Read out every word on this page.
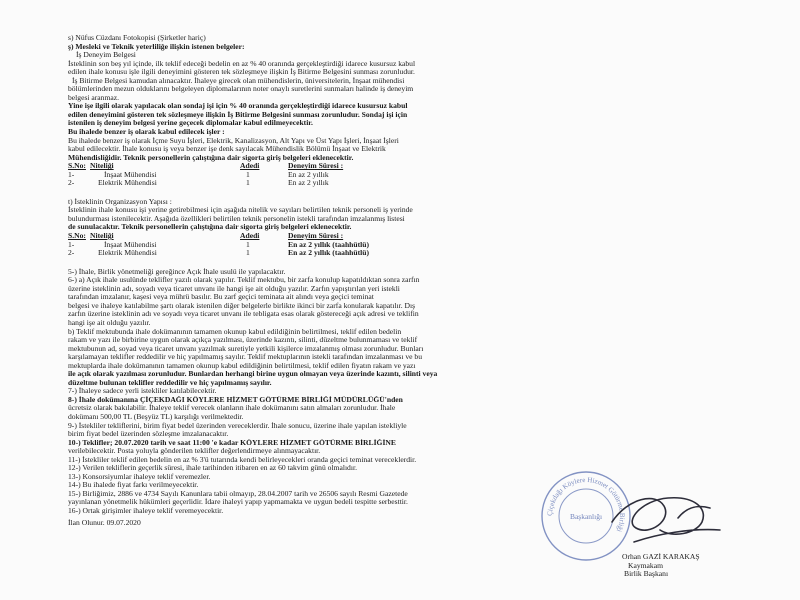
s) Nüfus Cüzdanı Fotokopisi (Şirketler hariç)
ş) Mesleki ve Teknik yeterliliğe ilişkin istenen belgeler:
İş Deneyim Belgesi
İsteklinin son beş yıl içinde, ilk teklif edeceği bedelin en az % 40 oranında gerçekleştirdiği idarece kusursuz kabul
edilen ihale konusu işle ilgili deneyimini gösteren tek sözleşmeye ilişkin İş Bitirme Belgesini sunması zorunludur.
İş Bitirme Belgesi kamudan alınacaktır. İhaleye girecek olan mühendislerin, üniversitelerin, İnşaat mühendisi
bölümlerinden mezun olduklarını belgeleyen diplomalarının noter onaylı suretlerini sunmaları halinde iş deneyim
belgesi aranmaz.
Yine işe ilgili olarak yapılacak olan sondaj işi için % 40 oranında gerçekleştirdiği idarece kusursuz kabul
edilen deneyimini gösteren tek sözleşmeye ilişkin İş Bitirme Belgesini sunması zorunludur. Sondaj işi için
istenilen iş deneyim belgesi yerine geçecek diplomalar kabul edilmeyecektir.
Bu ihalede benzer iş olarak kabul edilecek işler :
Bu ihalede benzer iş olarak İçme Suyu İşleri, Elektrik, Kanalizasyon, Alt Yapı ve Üst Yapı İşleri, İnşaat İşleri
kabul edilecektir. İhale konusu iş veya benzer işe denk sayılacak Mühendislik Bölümü İnşaat ve Elektrik
Mühendisliğidir. Teknik personellerin çalıştığına dair sigorta giriş belgeleri eklenecektir.
S.No:	Niteliği	Adedi	Deneyim Süresi :
1-	İnşaat Mühendisi	1	En az 2 yıllık
2-	Elektrik Mühendisi	1	En az 2 yıllık
t) İsteklinin Organizasyon Yapısı :
İsteklinin ihale konusu işi yerine getirebilmesi için aşağıda nitelik ve sayıları belirtilen teknik personeli iş yerinde
bulundurması istenilecektir. Aşağıda özellikleri belirtilen teknik personelin istekli tarafından imzalanmış listesi
de sunulacaktır. Teknik personellerin çalıştığına dair sigorta giriş belgeleri eklenecektir.
S.No:	Niteliği	Adedi	Deneyim Süresi :
1-	İnşaat Mühendisi	1	En az 2 yıllık (taahhütlü)
2-	Elektrik Mühendisi	1	En az 2 yıllık (taahhütlü)
5-) İhale, Birlik yönetmeliği gereğince Açık İhale usulü ile yapılacaktır.
6-) a) Açık ihale usulünde teklifler yazılı olarak yapılır. Teklif mektubu, bir zarfa konulup kapatıldıktan sonra zarfın
üzerine isteklinin adı, soyadı veya ticaret unvanı ile hangi işe ait olduğu yazılır. Zarfın yapıştırılan yeri istekli
tarafından imzalanır, kaşesi veya mührü basılır. Bu zarf geçici teminata ait alındı veya geçici teminat
belgesi ve ihaleye katılabilme şartı olarak istenilen diğer belgelerle birlikte ikinci bir zarfa konularak kapatılır. Dış
zarfın üzerine isteklinin adı ve soyadı veya ticaret unvanı ile tebligata esas olarak göstereceği açık adresi ve teklifin
hangi işe ait olduğu yazılır.
b) Teklif mektubunda ihale dokümanının tamamen okunup kabul edildiğinin belirtilmesi, teklif edilen bedelin
rakam ve yazı ile birbirine uygun olarak açıkça yazılması, üzerinde kazıntı, silinti, düzeltme bulunmaması ve teklif
mektubunun ad, soyad veya ticaret unvanı yazılmak suretiyle yetkili kişilerce imzalanmış olması zorunludur. Bunları
karşılamayan teklifler reddedilir ve hiç yapılmamış sayılır. Teklif mektuplarının istekli tarafından imzalanması ve bu
mektuplarda ihale dokümanının tamamen okunup kabul edildiğinin belirtilmesi, teklif edilen fiyatın rakam ve yazı
ile açık olarak yazılması zorunludur. Bunlardan herhangi birine uygun olmayan veya üzerinde kazıntı, silinti veya
düzeltme bulunan teklifler reddedilir ve hiç yapılmamış sayılır.
7-) İhaleye sadece yerli istekliler katılabilecektir.
8-) İhale dokümanına ÇİÇEKDAĞI KÖYLERE HİZMET GÖTÜRME BİRLİĞİ MÜDÜRLÜĞÜ'nden
ücretsiz olarak bakılabilir. İhaleye teklif verecek olanların ihale dokümanını satın almaları zorunludur. İhale
dokümanı 500,00 TL (Beşyüz TL) karşılığı verilmektedir.
9-) İstekliler tekliflerini, birim fiyat bedel üzerinden vereceklerdir. İhale sonucu, üzerine ihale yapılan istekliyle
birim fiyat bedel üzerinden sözleşme imzalanacaktır.
10-) Teklifler; 20.07.2020 tarih ve saat 11:00 'e kadar KÖYLERE HİZMET GÖTÜRME BİRLİĞİNE
verilebilecektir. Posta yoluyla gönderilen teklifler değerlendirmeye alınmayacaktır.
11-) İstekliler teklif edilen bedelin en az % 3'ü tutarında kendi belirleyecekleri oranda geçici teminat vereceklerdir.
12-) Verilen tekliflerin geçerlik süresi, ihale tarihinden itibaren en az 60 takvim günü olmalıdır.
13-) Konsorsiyumlar ihaleye teklif veremezler.
14-) Bu ihalede fiyat farkı verilmeyecektir.
15-) Birliğimiz, 2886 ve 4734 Sayılı Kanunlara tabii olmayıp, 28.04.2007 tarih ve 26506 sayılı Resmi Gazetede
yayınlanan yönetmelik hükümleri geçerlidir. İdare ihaleyi yapıp yapmamakta ve uygun bedeli tespitte serbesttir.
16-) Ortak girişimler ihaleye teklif veremeyecektir.
İlan Olunur. 09.07.2020
Çiçekdağı Köylere Hizmet Götürme Birliği
Başkanlığı
Orhan GAZİ KARAKAŞ
Kaymakam
Birlik Başkanı
